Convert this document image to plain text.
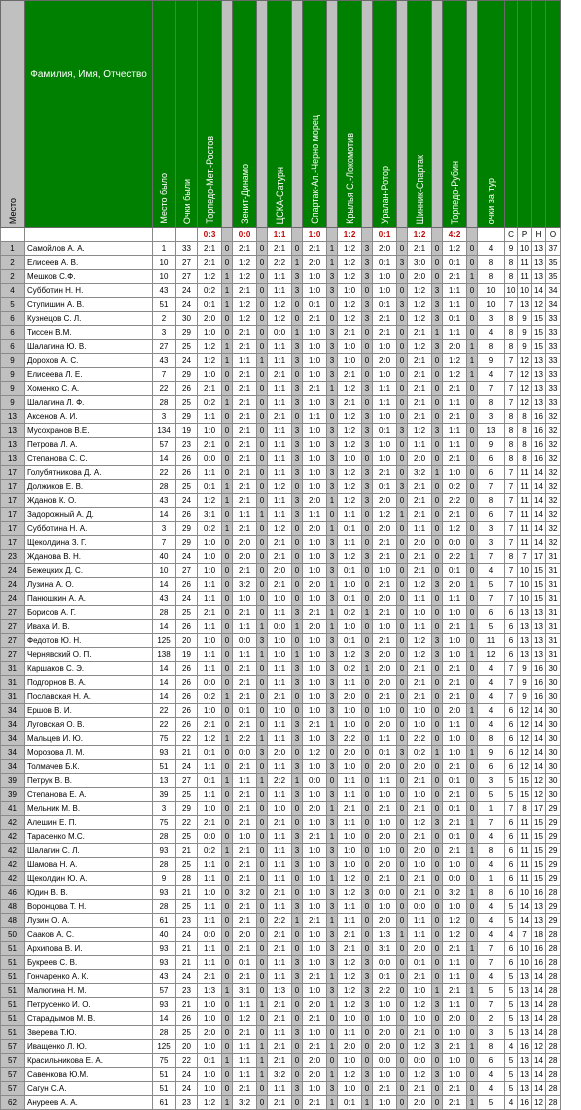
Место	Фамилия, Имя, Отчество	Место было	Очки были	Торпедо-Мет.-Ростов		Зенит-Динамо		ЦСКА-Сатурн		Спартак-Ал.-Черно морец		Крылья С.-Локомотив		Уралан-Ротор		Шинник-Спартак		Торпедо-Рубин		очки за тур				
				0:3		0:0		1:1		1:0		1:2		0:1		1:2		4:2			С	Р	Н	О
1	Самойлов А. А.	1	33	2:1	0	2:1	0	2:1	0	2:1	1	1:2	3	2:0	0	2:1	0	1:2	0	4	9	10	13	37
2	Елисеев А. В.	10	27	2:1	0	1:2	0	2:2	1	2:0	1	1:2	3	0:1	3	3:0	0	0:1	0	8	8	11	13	35
2	Мешков С.Ф.	10	27	1:2	1	1:2	0	1:1	3	1:0	3	1:2	3	1:0	0	2:0	0	2:1	1	8	8	11	13	35
4	Субботин Н. Н.	43	24	0:2	1	2:1	0	1:1	3	1:0	3	1:0	0	1:0	0	1:2	3	1:1	0	10	10	10	14	34
5	Ступишин А. В.	51	24	0:1	1	1:2	0	1:2	0	0:1	0	1:2	3	0:1	3	1:2	3	1:1	0	10	7	13	12	34
6	Кузнецов С. Л.	2	30	2:0	0	1:2	0	1:2	0	2:1	0	1:2	3	2:1	0	1:2	3	0:1	0	3	8	9	15	33
6	Тиссен В.М.	3	29	1:0	0	2:1	0	0:0	1	1:0	3	2:1	0	2:1	0	2:1	1	1:1	0	4	8	9	15	33
6	Шалагина Ю. В.	27	25	1:2	1	2:1	0	1:1	3	1:0	3	1:0	0	1:0	0	1:2	3	2:0	1	8	8	9	15	33
9	Дорохов А. С.	43	24	1:2	1	1:1	1	1:1	3	1:0	3	1:0	0	2:0	0	2:1	0	1:2	1	9	7	12	13	33
9	Елисеева Л. Е.	7	29	1:0	0	2:1	0	2:1	0	1:0	3	2:1	0	1:0	0	2:1	0	1:2	1	4	7	12	13	33
9	Хоменко С. А.	22	26	2:1	0	2:1	0	1:1	3	2:1	1	1:2	3	1:1	0	2:1	0	2:1	0	7	7	12	13	33
9	Шалагина Л. Ф.	28	25	0:2	1	2:1	0	1:1	3	1:0	3	2:1	0	1:1	0	2:1	0	1:1	0	8	7	12	13	33
13	Аксенов А. И.	3	29	1:1	0	2:1	0	2:1	0	1:1	0	1:2	3	1:0	0	2:1	0	2:1	0	3	8	8	16	32
13	Мусохранов В.Е.	134	19	1:0	0	2:1	0	1:1	3	1:0	3	1:2	3	0:1	3	1:2	3	1:1	0	13	8	8	16	32
13	Петрова Л. А.	57	23	2:1	0	2:1	0	1:1	3	1:0	3	1:2	3	1:0	0	1:1	0	1:1	0	9	8	8	16	32
13	Степанова С. С.	14	26	0:0	0	2:1	0	1:1	3	1:0	3	1:0	0	1:0	0	2:0	0	2:1	0	6	8	8	16	32
17	Голубятникова Д. А.	22	26	1:1	0	2:1	0	1:1	3	1:0	3	1:2	3	2:1	0	3:2	1	1:0	0	6	7	11	14	32
17	Должиков Е. В.	28	25	0:1	1	2:1	0	1:2	0	1:0	3	1:2	3	0:1	3	2:1	0	0:2	0	7	7	11	14	32
17	Жданов К. О.	43	24	1:2	1	2:1	0	1:1	3	2:0	1	1:2	3	2:0	0	2:1	0	2:2	0	8	7	11	14	32
17	Задорожный А. Д.	14	26	3:1	0	1:1	1	1:1	3	1:1	0	1:1	0	1:2	1	2:1	0	2:1	0	6	7	11	14	32
17	Субботина Н. А.	3	29	0:2	1	2:1	0	1:2	0	2:0	1	0:1	0	2:0	0	1:1	0	1:2	0	3	7	11	14	32
17	Щеколдина З. Г.	7	29	1:0	0	2:0	0	2:1	0	1:0	3	1:1	0	2:1	0	2:0	0	0:0	0	3	7	11	14	32
23	Жданова В. Н.	40	24	1:0	0	2:0	0	2:1	0	1:0	3	1:2	3	2:1	0	2:1	0	2:2	1	7	8	7	17	31
24	Бежецких Д. С.	10	27	1:0	0	2:1	0	2:0	0	1:0	3	0:1	0	1:0	0	2:1	0	0:1	0	4	7	10	15	31
24	Лузина А. О.	14	26	1:1	0	3:2	0	2:1	0	2:0	1	1:0	0	2:1	0	1:2	3	2:0	1	5	7	10	15	31
24	Панюшкин А. А.	43	24	1:1	0	1:0	0	1:0	0	1:0	3	0:1	0	2:0	0	1:1	0	1:1	0	7	7	10	15	31
27	Борисов А. Г.	28	25	2:1	0	2:1	0	1:1	3	2:1	1	0:2	1	2:1	0	1:0	0	1:0	0	6	6	13	13	31
27	Иваха И. В.	14	26	1:1	0	1:1	1	0:0	1	2:0	1	1:0	0	1:0	0	1:1	0	2:1	1	5	6	13	13	31
27	Федотов Ю. Н.	125	20	1:0	0	0:0	3	1:0	0	1:0	3	0:1	0	2:1	0	1:2	3	1:0	0	11	6	13	13	31
27	Чернявский О. П.	138	19	1:1	0	1:1	1	1:0	1	1:0	3	1:2	3	2:0	0	1:2	3	1:0	1	12	6	13	13	31
31	Каршаков С. Э.	14	26	1:1	0	2:1	0	1:1	3	1:0	3	0:2	1	2:0	0	2:1	0	2:1	0	4	7	9	16	30
31	Подгорнов В. А.	14	26	0:0	0	2:1	0	1:1	3	1:0	3	1:1	0	2:0	0	2:1	0	2:1	0	4	7	9	16	30
31	Пославская Н. А.	14	26	0:2	1	2:1	0	2:1	0	1:0	3	2:0	0	2:1	0	2:1	0	2:1	0	4	7	9	16	30
34	Ершов В. И.	22	26	1:0	0	0:1	0	1:0	0	1:0	3	1:0	0	1:0	0	1:0	0	2:0	1	4	6	12	14	30
34	Луговская О. В.	22	26	2:1	0	2:1	0	1:1	3	2:1	1	1:0	0	2:0	0	1:0	0	1:1	0	4	6	12	14	30
34	Мальцев И. Ю.	75	22	1:2	1	2:2	1	1:1	3	1:0	3	2:2	0	1:1	0	2:2	0	1:0	0	8	6	12	14	30
34	Морозова Л. М.	93	21	0:1	0	0:0	3	2:0	0	1:2	0	2:0	0	0:1	3	0:2	1	1:0	1	9	6	12	14	30
34	Толмачев Б.К.	51	24	1:1	0	2:1	0	1:1	3	1:0	3	1:0	0	2:0	0	2:0	0	2:1	0	6	6	12	14	30
39	Петрук В. В.	13	27	0:1	1	1:1	1	2:2	1	0:0	0	1:1	0	1:1	0	2:1	0	0:1	0	3	5	15	12	30
39	Степанова Е. А.	39	25	1:1	0	2:1	0	1:1	3	1:0	3	1:1	0	1:0	0	1:0	0	2:1	0	5	5	15	12	30
41	Мельник М. В.	3	29	1:0	0	2:1	0	1:0	0	2:0	1	2:1	0	2:1	0	2:1	0	0:1	0	1	7	8	17	29
42	Алешин Е. П.	75	22	2:1	0	2:1	0	2:1	0	1:0	3	1:1	0	1:0	0	1:2	3	2:1	1	7	6	11	15	29
42	Тарасенко М.С.	28	25	0:0	0	1:0	0	1:1	3	2:1	1	1:0	0	2:0	0	2:1	0	0:1	0	4	6	11	15	29
42	Шалагин С. Л.	93	21	0:2	1	2:1	0	1:1	3	1:0	3	1:0	0	1:0	0	2:0	0	2:1	1	8	6	11	15	29
42	Шамова Н. А.	28	25	1:1	0	2:1	0	1:1	3	1:0	3	1:0	0	2:0	0	1:0	0	1:0	0	4	6	11	15	29
42	Щеколдин Ю. А.	9	28	1:1	0	2:1	0	1:1	0	1:0	1	1:2	0	2:1	0	2:1	0	0:0	0	1	6	11	15	29
46	Юдин В. В.	93	21	1:0	0	3:2	0	2:1	0	1:0	3	1:2	3	0:0	0	2:1	0	3:2	1	8	6	10	16	28
48	Воронцова Т. Н.	28	25	1:1	0	2:1	0	1:1	3	1:0	3	1:1	0	1:0	0	0:0	0	1:0	0	4	5	14	13	29
48	Лузин О. А.	61	23	1:1	0	2:1	0	2:2	1	2:1	1	1:1	0	2:0	0	1:1	0	1:2	0	4	5	14	13	29
50	Сааков А. С.	40	24	0:0	0	2:0	0	2:1	0	1:0	3	2:1	0	1:3	1	1:1	0	1:2	0	4	4	7	18	28
51	Архипова В. И.	93	21	1:1	0	2:1	0	2:1	0	1:0	3	2:1	0	3:1	0	2:0	0	2:1	1	7	6	10	16	28
51	Букреев С. В.	93	21	1:1	0	0:1	0	1:1	3	1:0	3	1:2	3	0:0	0	0:1	0	1:1	0	7	6	10	16	28
51	Гончаренко А. К.	43	24	2:1	0	2:1	0	1:1	3	2:1	1	1:2	3	0:1	0	2:1	0	1:1	0	4	5	13	14	28
51	Малюгина Н. М.	57	23	1:3	1	3:1	0	1:3	0	1:0	3	1:2	3	2:2	0	1:0	1	2:1	1	5	5	13	14	28
51	Петрусенко И. О.	93	21	1:0	0	1:1	1	2:1	0	2:0	1	1:2	3	1:0	0	1:2	3	1:1	0	7	5	13	14	28
51	Старадымов М. В.	14	26	1:0	0	1:2	0	2:1	0	2:1	0	1:0	0	1:0	0	1:0	0	2:0	0	2	5	13	14	28
51	Зверева Т.Ю.	28	25	2:0	0	2:1	0	1:1	3	1:0	0	1:1	0	2:0	0	2:1	0	1:0	0	3	5	13	14	28
57	Иващенко Л. Ю.	125	20	1:0	0	1:1	1	2:1	0	2:1	1	2:0	0	2:0	0	1:2	3	2:1	1	8	4	16	12	28
57	Красильникова Е. А.	75	22	0:1	1	1:1	1	2:1	0	2:0	0	1:0	0	0:0	0	0:0	0	1:0	0	6	5	13	14	28
57	Савенкова Ю.М.	51	24	1:0	0	1:1	1	3:2	0	2:0	1	1:2	3	1:0	0	1:2	3	1:0	0	4	5	13	14	28
57	Сагун С.А.	51	24	1:0	0	2:1	0	1:1	3	1:0	3	1:0	0	2:1	0	2:1	0	2:1	0	4	5	13	14	28
62	Ануреев А. А.	61	23	1:2	1	3:2	0	2:1	0	2:1	1	0:1	1	1:0	0	2:0	0	2:1	1	5	4	16	12	28
